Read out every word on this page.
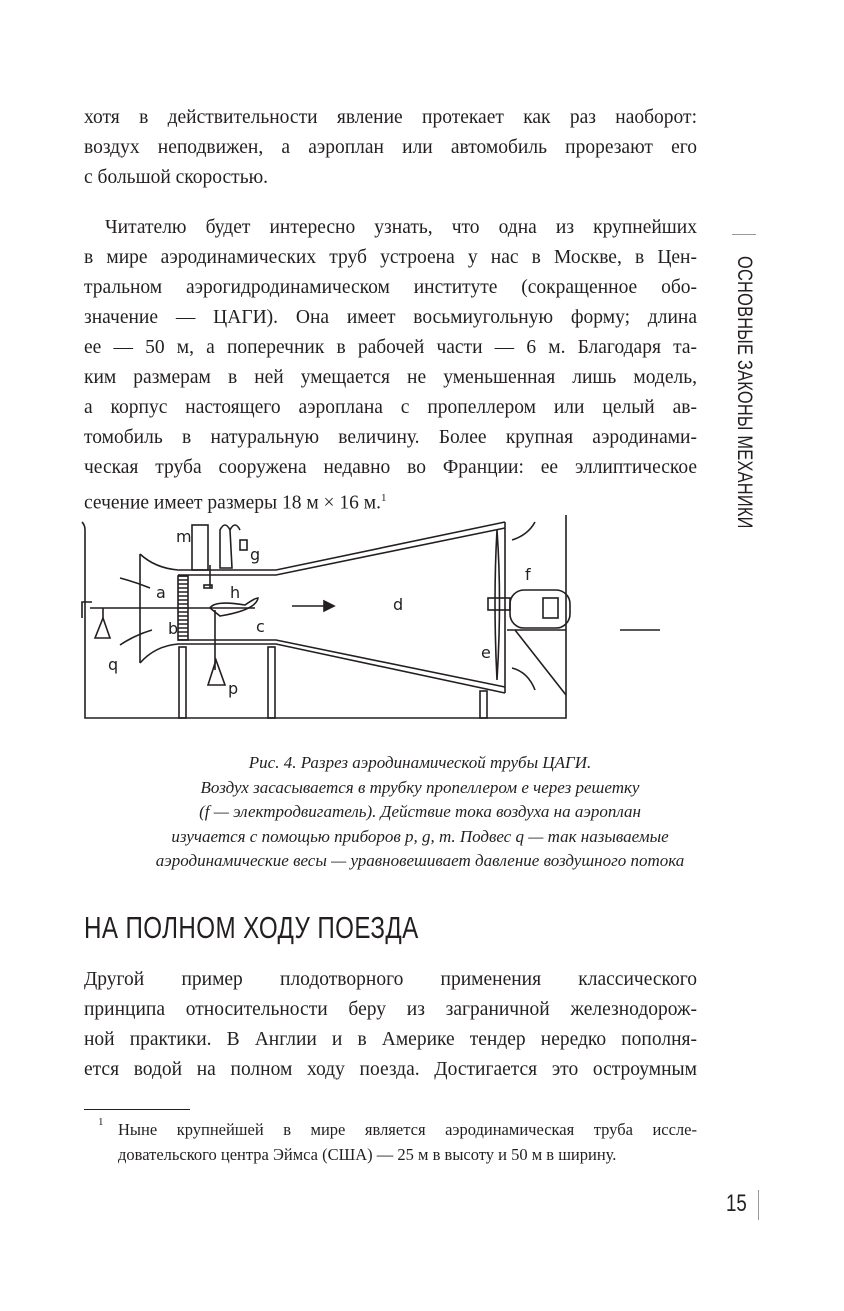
хотя в действительности явление протекает как раз наоборот:
воздух неподвижен, а аэроплан или автомобиль прорезают его
с большой скоростью.
Читателю будет интересно узнать, что одна из крупнейших
в мире аэродинамических труб устроена у нас в Москве, в Цен-
тральном аэрогидродинамическом институте (сокращенное обо-
значение — ЦАГИ). Она имеет восьмиугольную форму; длина
ее — 50 м, а поперечник в рабочей части — 6 м. Благодаря та-
ким размерам в ней умещается не уменьшенная лишь модель,
а корпус настоящего аэроплана с пропеллером или целый ав-
томобиль в натуральную величину. Более крупная аэродинами-
ческая труба сооружена недавно во Франции: ее эллиптическое
сечение имеет размеры 18 м × 16 м.$^1$
a
b	c
d
e
f
g
h
m
p
q
Рис. 4. Разрез аэродинамической трубы ЦАГИ.
Воздух засасывается в трубку пропеллером e через решетку
(f — электродвигатель). Действие тока воздуха на аэроплан
изучается с помощью приборов p, g, m. Подвес q — так называемые
аэродинамические весы — уравновешивает давление воздушного потока
НА ПОЛНОМ ХОДУ ПОЕЗДА
Другой пример плодотворного применения классического
принципа относительности беру из заграничной железнодорож-
ной практики. В Англии и в Америке тендер нередко пополня-
ется водой на полном ходу поезда. Достигается это остроумным
1 Ныне крупнейшей в мире является аэродинамическая труба иссле-
довательского центра Эймса (США) — 25 м в высоту и 50 м в ширину.
15
ОСНОВНЫЕ ЗАКОНЫ МЕХАНИКИ
